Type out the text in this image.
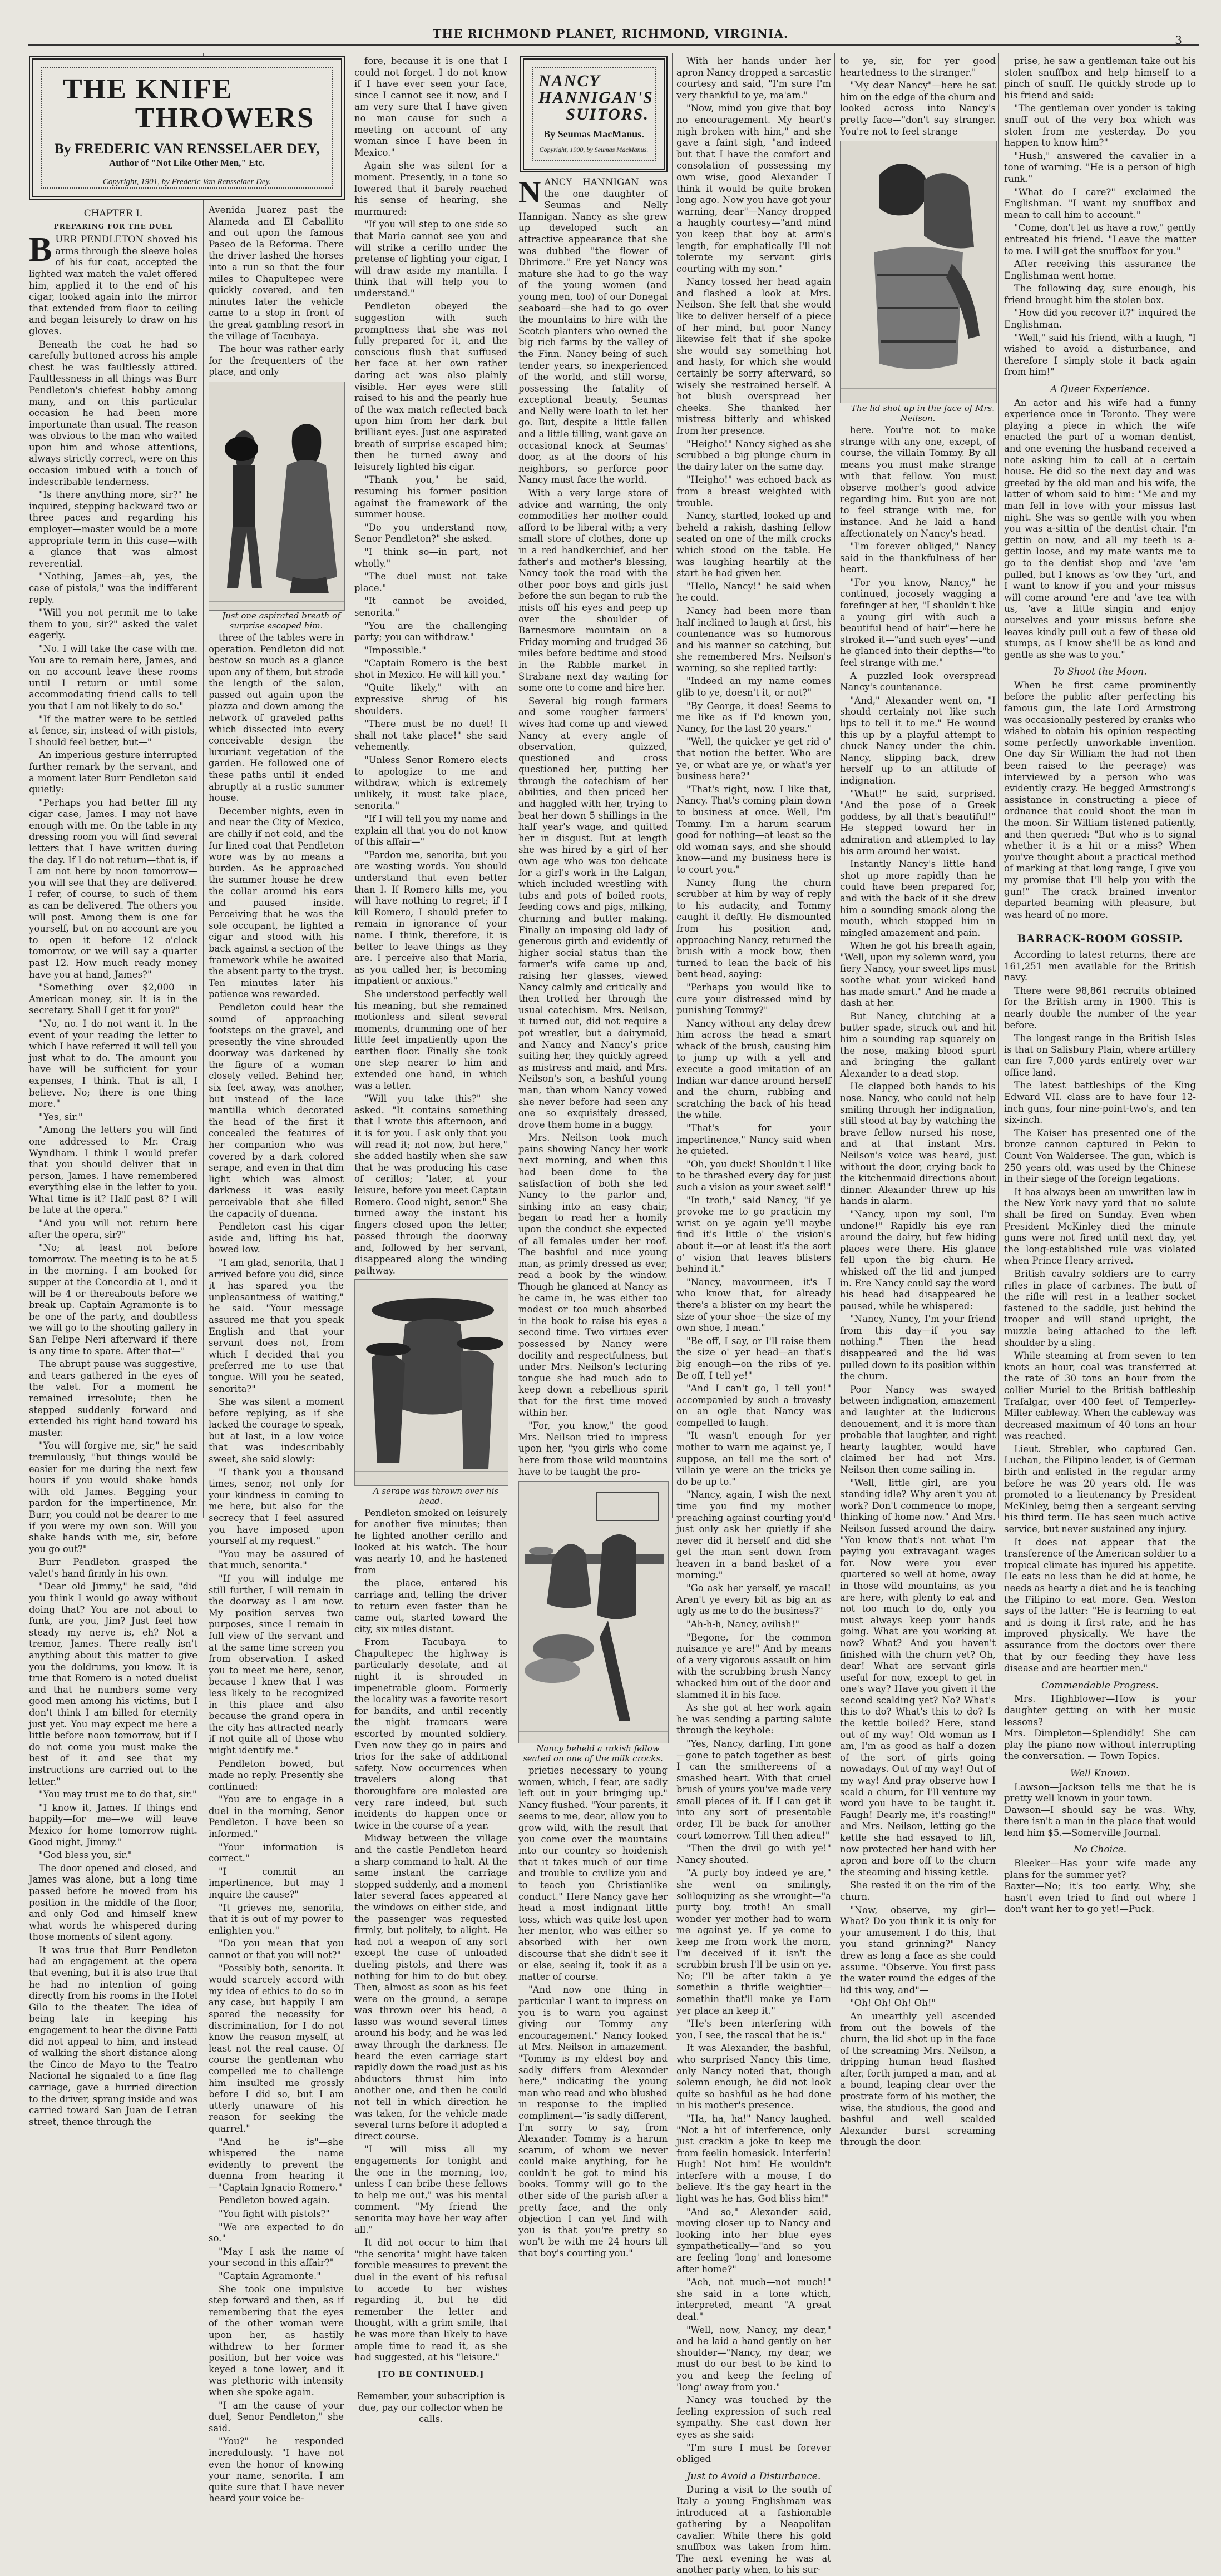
THE RICHMOND PLANET, RICHMOND, VIRGINIA.	3
THE KNIFE
THROWERS
By FREDERIC VAN RENSSELAER DEY,
Author of "Not Like Other Men," Etc.
Copyright, 1901, by Frederic Van Rensselaer Dey.
CHAPTER I.
PREPARING FOR THE DUEL
B URR PENDLETON shoved his arms through the sleeve holes of his fur coat, accepted the lighted wax match the valet offered him, applied it to the end of his cigar, looked again into the mirror that extended from floor to ceiling and began leisurely to draw on his gloves.

Beneath the coat he had so carefully buttoned across his ample chest he was faultlessly attired. Faultlessness in all things was Burr Pendleton's chiefest hobby among many, and on this particular occasion he had been more importunate than usual. The reason was obvious to the man who waited upon him and whose attentions, always strictly correct, were on this occasion imbued with a touch of indescribable tenderness.

"Is there anything more, sir?" he inquired, stepping backward two or three paces and regarding his employer—master would be a more appropriate term in this case—with a glance that was almost reverential.

"Nothing, James—ah, yes, the case of pistols," was the indifferent reply.

"Will you not permit me to take them to you, sir?" asked the valet eagerly.

"No. I will take the case with me. You are to remain here, James, and on no account leave these rooms until I return or until some accommodating friend calls to tell you that I am not likely to do so."

"If the matter were to be settled at fence, sir, instead of with pistols, I should feel better, but—"

An imperious gesture interrupted further remark by the servant, and a moment later Burr Pendleton said quietly:

"Perhaps you had better fill my cigar case, James. I may not have enough with me. On the table in my dressing room you will find several letters that I have written during the day. If I do not return—that is, if I am not here by noon tomorrow—you will see that they are delivered. I refer, of course, to such of them as can be delivered. The others you will post. Among them is one for yourself, but on no account are you to open it before 12 o'clock tomorrow, or we will say a quarter past 12. How much ready money have you at hand, James?"

"Something over $2,000 in American money, sir. It is in the secretary. Shall I get it for you?"

"No, no. I do not want it. In the event of your reading the letter to which I have referred it will tell you just what to do. The amount you have will be sufficient for your expenses, I think. That is all, I believe. No; there is one thing more."

"Yes, sir."

"Among the letters you will find one addressed to Mr. Craig Wyndham. I think I would prefer that you should deliver that in person, James. I have remembered everything else in the letter to you. What time is it? Half past 8? I will be late at the opera."

"And you will not return here after the opera, sir?"

"No; at least not before tomorrow. The meeting is to be at 5 in the morning. I am booked for supper at the Concordia at 1, and it will be 4 or thereabouts before we break up. Captain Agramonte is to be one of the party, and doubtless we will go to the shooting gallery in San Felipe Neri afterward if there is any time to spare. After that—"

The abrupt pause was suggestive, and tears gathered in the eyes of the valet. For a moment he remained irresolute; then he stepped suddenly forward and extended his right hand toward his master.

"You will forgive me, sir," he said tremulously, "but things would be easier for me during the next few hours if you would shake hands with old James. Begging your pardon for the impertinence, Mr. Burr, you could not be dearer to me if you were my own son. Will you shake hands with me, sir, before you go out?"

Burr Pendleton grasped the valet's hand firmly in his own.

"Dear old Jimmy," he said, "did you think I would go away without doing that? You are not about to funk, are you, Jim? Just feel how steady my nerve is, eh? Not a tremor, James. There really isn't anything about this matter to give you the doldrums, you know. It is true that Romero is a noted duelist and that he numbers some very good men among his victims, but I don't think I am billed for eternity just yet. You may expect me here a little before noon tomorrow, but if I do not come you must make the best of it and see that my instructions are carried out to the letter."

"You may trust me to do that, sir."

"I know it, James. If things end happily—for me—we will leave Mexico for home tomorrow night. Good night, Jimmy."

"God bless you, sir."

The door opened and closed, and James was alone, but a long time passed before he moved from his position in the middle of the floor, and only God and himself knew what words he whispered during those moments of silent agony.

It was true that Burr Pendleton had an engagement at the opera that evening, but it is also true that he had no intention of going directly from his rooms in the Hotel Gilo to the theater. The idea of being late in keeping his engagement to hear the divine Patti did not appeal to him, and instead of walking the short distance along the Cinco de Mayo to the Teatro Nacional he signaled to a fine flag carriage, gave a hurried direction to the driver, sprang inside and was carried toward San Juan de Letran street, thence through the

Avenida Juarez past the Alameda and El Caballito and out upon the famous Paseo de la Reforma. There the driver lashed the horses into a run so that the four miles to Chapultepec were quickly covered, and ten minutes later the vehicle came to a stop in front of the great gambling resort in the village of Tacubaya.

The hour was rather early for the frequenters of the place, and only

Just one aspirated breath of surprise escaped him.

three of the tables were in operation. Pendleton did not bestow so much as a glance upon any of them, but strode the length of the salon, passed out again upon the piazza and down among the network of graveled paths which dissected into every conceivable design the luxuriant vegetation of the garden. He followed one of these paths until it ended abruptly at a rustic summer house.

December nights, even in and near the City of Mexico, are chilly if not cold, and the fur lined coat that Pendleton wore was by no means a burden. As he approached the summer house he drew the collar around his ears and paused inside. Perceiving that he was the sole occupant, he lighted a cigar and stood with his back against a section of the framework while he awaited the absent party to the tryst. Ten minutes later his patience was rewarded.

Pendleton could hear the sound of approaching footsteps on the gravel, and presently the vine shrouded doorway was darkened by the figure of a woman closely veiled. Behind her, six feet away, was another, but instead of the lace mantilla which decorated the head of the first it concealed the features of her companion who was covered by a dark colored serape, and even in that dim light which was almost darkness it was easily perceivable that she filled the capacity of duenna.

Pendleton cast his cigar aside and, lifting his hat, bowed low.

"I am glad, senorita, that I arrived before you did, since it has spared you the unpleasantness of waiting," he said. "Your message assured me that you speak English and that your servant does not, from which I decided that you preferred me to use that tongue. Will you be seated, senorita?"

She was silent a moment before replying, as if she lacked the courage to speak, but at last, in a low voice that was indescribably sweet, she said slowly:

"I thank you a thousand times, senor, not only for your kindness in coming to me here, but also for the secrecy that I feel assured you have imposed upon yourself at my request."

"You may be assured of that much, senorita."

"If you will indulge me still further, I will remain in the doorway as I am now. My position serves two purposes, since I remain in full view of the servant and at the same time screen you from observation. I asked you to meet me here, senor, because I knew that I was less likely to be recognized in this place and also because the grand opera in the city has attracted nearly if not quite all of those who might identify me."

Pendleton bowed, but made no reply. Presently she continued:

"You are to engage in a duel in the morning, Senor Pendleton. I have been so informed."

"Your information is correct."

"I commit an impertinence, but may I inquire the cause?"

"It grieves me, senorita, that it is out of my power to enlighten you."

"Do you mean that you cannot or that you will not?"

"Possibly both, senorita. It would scarcely accord with my idea of ethics to do so in any case, but happily I am spared the necessity for discrimination, for I do not know the reason myself, at least not the real cause. Of course the gentleman who compelled me to challenge him insulted me grossly before I did so, but I am utterly unaware of his reason for seeking the quarrel."

"And he is"—she whispered the name evidently to prevent the duenna from hearing it—"Captain Ignacio Romero."

Pendleton bowed again.

"You fight with pistols?"

"We are expected to do so."

"May I ask the name of your second in this affair?"

"Captain Agramonte."

She took one impulsive step forward and then, as if remembering that the eyes of the other woman were upon her, as hastily withdrew to her former position, but her voice was keyed a tone lower, and it was plethoric with intensity when she spoke again.

"I am the cause of your duel, Senor Pendleton," she said.

"You?" he responded incredulously. "I have not even the honor of knowing your name, senorita. I am quite sure that I have never heard your voice be-

fore, because it is one that I could not forget. I do not know if I have ever seen your face, since I cannot see it now, and I am very sure that I have given no man cause for such a meeting on account of any woman since I have been in Mexico."

Again she was silent for a moment. Presently, in a tone so lowered that it barely reached his sense of hearing, she murmured:

"If you will step to one side so that Maria cannot see you and will strike a cerillo under the pretense of lighting your cigar, I will draw aside my mantilla. I think that will help you to understand."

Pendleton obeyed the suggestion with such promptness that she was not fully prepared for it, and the conscious flush that suffused her face at her own rather daring act was also plainly visible. Her eyes were still raised to his and the pearly hue of the wax match reflected back upon him from her dark but brilliant eyes. Just one aspirated breath of surprise escaped him; then he turned away and leisurely lighted his cigar.

"Thank you," he said, resuming his former position against the framework of the summer house.

"Do you understand now, Senor Pendleton?" she asked.

"I think so—in part, not wholly."

"The duel must not take place."

"It cannot be avoided, senorita."

"You are the challenging party; you can withdraw."

"Impossible."

"Captain Romero is the best shot in Mexico. He will kill you."

"Quite likely," with an expressive shrug of his shoulders.

"There must be no duel! It shall not take place!" she said vehemently.

"Unless Senor Romero elects to apologize to me and withdraw, which is extremely unlikely, it must take place, senorita."

"If I will tell you my name and explain all that you do not know of this affair—"

"Pardon me, senorita, but you are wasting words. You should understand that even better than I. If Romero kills me, you will have nothing to regret; if I kill Romero, I should prefer to remain in ignorance of your name. I think, therefore, it is better to leave things as they are. I perceive also that Maria, as you called her, is becoming impatient or anxious."

She understood perfectly well his meaning, but she remained motionless and silent several moments, drumming one of her little feet impatiently upon the earthen floor. Finally she took one step nearer to him and extended one hand, in which was a letter.

"Will you take this?" she asked. "It contains something that I wrote this afternoon, and it is for you. I ask only that you will read it; not now, but here," she added hastily when she saw that he was producing his case of cerillos; "later, at your leisure, before you meet Captain Romero. Good night, senor." She turned away the instant his fingers closed upon the letter, passed through the doorway and, followed by her servant, disappeared along the winding pathway.

A serape was thrown over his head.

Pendleton smoked on leisurely for another five minutes; then he lighted another cerillo and looked at his watch. The hour was nearly 10, and he hastened from

the place, entered his carriage and, telling the driver to return even faster than he came out, started toward the city, six miles distant.

From Tacubaya to Chapultepec the highway is particularly desolate, and at night it is shrouded in impenetrable gloom. Formerly the locality was a favorite resort for bandits, and until recently the night tramcars were escorted by mounted soldiery. Even now they go in pairs and trios for the sake of additional safety. Now occurrences when travelers along that thoroughfare are molested are very rare indeed, but such incidents do happen once or twice in the course of a year.

Midway between the village and the castle Pendleton heard a sharp command to halt. At the same instant the carriage stopped suddenly, and a moment later several faces appeared at the windows on either side, and the passenger was requested firmly, but politely, to alight. He had not a weapon of any sort except the case of unloaded dueling pistols, and there was nothing for him to do but obey. Then, almost as soon as his feet were on the ground, a serape was thrown over his head, a lasso was wound several times around his body, and he was led away through the darkness. He heard the even carriage start rapidly down the road just as his abductors thrust him into another one, and then he could not tell in which direction he was taken, for the vehicle made several turns before it adopted a direct course.

"I will miss all my engagements for tonight and the one in the morning, too, unless I can bribe these fellows to help me out," was his mental comment. "My friend the senorita may have her way after all."

It did not occur to him that "the senorita" might have taken forcible measures to prevent the duel in the event of his refusal to accede to her wishes regarding it, but he did remember the letter and thought, with a grim smile, that he was more than likely to have ample time to read it, as she had suggested, at his "leisure."

[TO BE CONTINUED.]

Remember, your subscription is due, pay our collector when he calls.

NANCY
HANNIGAN'S
SUITORS.
By Seumas MacManus.
Copyright, 1900, by Seumas MacManus.
N ANCY HANNIGAN was the one daughter of Seumas and Nelly Hannigan. Nancy as she grew up developed such an attractive appearance that she was dubbed "the flower of Dhrimore." Ere yet Nancy was mature she had to go the way of the young women (and young men, too) of our Donegal seaboard—she had to go over the mountains to hire with the Scotch planters who owned the big rich farms by the valley of the Finn. Nancy being of such tender years, so inexperienced of the world, and still worse, possessing the fatality of exceptional beauty, Seumas and Nelly were loath to let her go. But, despite a little fallen and a little tilling, want gave an occasional knock at Seumas' door, as at the doors of his neighbors, so perforce poor Nancy must face the world.

With a very large store of advice and warning, the only commodities her mother could afford to be liberal with; a very small store of clothes, done up in a red handkerchief, and her father's and mother's blessing, Nancy took the road with the other poor boys and girls just before the sun began to rub the mists off his eyes and peep up over the shoulder of Barnesmore mountain on a Friday morning and trudged 36 miles before bedtime and stood in the Rabble market in Strabane next day waiting for some one to come and hire her.

Several big rough farmers and some rougher farmers' wives had come up and viewed Nancy at every angle of observation, quizzed, questioned and cross questioned her, putting her through the catechism of her abilities, and then priced her and haggled with her, trying to beat her down 5 shillings in the half year's wage, and quitted her in disgust. But at length she was hired by a girl of her own age who was too delicate for a girl's work in the Lalgan, which included wrestling with tubs and pots of boiled roots, feeding cows and pigs, milking, churning and butter making. Finally an imposing old lady of generous girth and evidently of higher social status than the farmer's wife came up and, raising her glasses, viewed Nancy calmly and critically and then trotted her through the usual catechism. Mrs. Neilson, it turned out, did not require a pot wrestler, but a dairymaid, and Nancy and Nancy's price suiting her, they quickly agreed as mistress and maid, and Mrs. Neilson's son, a bashful young man, than whom Nancy vowed she never before had seen any one so exquisitely dressed, drove them home in a buggy.

Mrs. Neilson took much pains showing Nancy her work next morning, and when this had been done to the satisfaction of both she led Nancy to the parlor and, sinking into an easy chair, began to read her a homily upon the conduct she expected of all females under her roof. The bashful and nice young man, as primly dressed as ever, read a book by the window. Though he glanced at Nancy as he came in, he was either too modest or too much absorbed in the book to raise his eyes a second time. Two virtues ever possessed by Nancy were docility and respectfulness, but under Mrs. Neilson's lecturing tongue she had much ado to keep down a rebellious spirit that for the first time moved within her.

"For, you know," the good Mrs. Neilson tried to impress upon her, "you girls who come here from those wild mountains have to be taught the pro-

Nancy beheld a rakish fellow seated on one of the milk crocks.

prieties necessary to young women, which, I fear, are sadly left out in your bringing up." Nancy flushed. "Your parents, it seems to me, dear, allow you to grow wild, with the result that you come over the mountains into our country so hoidenish that it takes much of our time and trouble to civilize you and to teach you Christianlike conduct." Here Nancy gave her head a most indignant little toss, which was quite lost upon her mentor, who was either so absorbed with her own discourse that she didn't see it or else, seeing it, took it as a matter of course.

"And now one thing in particular I want to impress on you is to warn you against giving our Tommy any encouragement." Nancy looked at Mrs. Neilson in amazement. "Tommy is my eldest boy and sadly differs from Alexander here," indicating the young man who read and who blushed in response to the implied compliment—"is sadly different, I'm sorry to say, from Alexander. Tommy is a harum scarum, of whom we never could make anything, for he couldn't be got to mind his books. Tommy will go to the other side of the parish after a pretty face, and the only objection I can yet find with you is that you're pretty so won't be with me 24 hours till that boy's courting you."

With her hands under her apron Nancy dropped a sarcastic courtesy and said, "I'm sure I'm very thankful to ye, ma'am."

"Now, mind you give that boy no encouragement. My heart's nigh broken with him," and she gave a faint sigh, "and indeed but that I have the comfort and consolation of possessing my own wise, good Alexander I think it would be quite broken long ago. Now you have got your warning, dear"—Nancy dropped a haughty courtesy—"and mind you keep that boy at arm's length, for emphatically I'll not tolerate my servant girls courting with my son."

Nancy tossed her head again and flashed a look at Mrs. Neilson. She felt that she would like to deliver herself of a piece of her mind, but poor Nancy likewise felt that if she spoke she would say something hot and hasty, for which she would certainly be sorry afterward, so wisely she restrained herself. A hot blush overspread her cheeks. She thanked her mistress bitterly and whisked from her presence.

"Heigho!" Nancy sighed as she scrubbed a big plunge churn in the dairy later on the same day.

"Heigho!" was echoed back as from a breast weighted with trouble.

Nancy, startled, looked up and beheld a rakish, dashing fellow seated on one of the milk crocks which stood on the table. He was laughing heartily at the start he had given her.

"Hello, Nancy!" he said when he could.

Nancy had been more than half inclined to laugh at first, his countenance was so humorous and his manner so catching, but she remembered Mrs. Neilson's warning, so she replied tartly:

"Indeed an my name comes glib to ye, doesn't it, or not?"

"By George, it does! Seems to me like as if I'd known you, Nancy, for the last 20 years."

"Well, the quicker ye get rid o' that notion the better. Who are ye, or what are ye, or what's yer business here?"

"That's right, now. I like that, Nancy. That's coming plain down to business at once. Well, I'm Tommy. I'm a harum scarum good for nothing—at least so the old woman says, and she should know—and my business here is to court you."

Nancy flung the churn scrubber at him by way of reply to his audacity, and Tommy caught it deftly. He dismounted from his position and, approaching Nancy, returned the brush with a mock bow, then turned to lean the back of his bent head, saying:

"Perhaps you would like to cure your distressed mind by punishing Tommy?"

Nancy without any delay drew him across the head a smart whack of the brush, causing him to jump up with a yell and execute a good imitation of an Indian war dance around herself and the churn, rubbing and scratching the back of his head the while.

"That's for your impertinence," Nancy said when he quieted.

"Oh, you duck! Shouldn't I like to be thrashed every day for just such a vision as your sweet self!"

"In troth," said Nancy, "if ye provoke me to go practicin my wrist on ye again ye'll maybe find it's little o' the vision's about it—or at least it's the sort o' vision that leaves blisters behind it."

"Nancy, mavourneen, it's I who know that, for already there's a blister on my heart the size of your shoe—the size of my own shoe, I mean."

"Be off, I say, or I'll raise them the size o' yer head—an that's big enough—on the ribs of ye. Be off, I tell ye!"

"And I can't go, I tell you!" accompanied by such a travesty on an ogle that Nancy was compelled to laugh.

"It wasn't enough for yer mother to warn me against ye, I suppose, an tell me the sort o' villain ye were an the tricks ye do be up to."

"Nancy, again, I wish the next time you find my mother preaching against courting you'd just only ask her quietly if she never did it herself and did she get the man sent down from heaven in a band basket of a morning."

"Go ask her yerself, ye rascal! Aren't ye every bit as big an as ugly as me to do the business?"

"Ah-h-h, Nancy, avilish!"

"Begone, for the common nuisance ye are!" And by means of a very vigorous assault on him with the scrubbing brush Nancy whacked him out of the door and slammed it in his face.

As she got at her work again he was sending a parting salute through the keyhole:

"Yes, Nancy, darling, I'm gone—gone to patch together as best I can the smithereens of a smashed heart. With that cruel brush of yours you've made very small pieces of it. If I can get it into any sort of presentable order, I'll be back for another court tomorrow. Till then adieu!"

"Then the divil go with ye!" Nancy shouted.

"A purty boy indeed ye are," she went on smilingly, soliloquizing as she wrought—"a purty boy, troth! An small wonder yer mother had to warn me against ye. If ye come to keep me from work the morn, I'm deceived if it isn't the scrubbin brush I'll be usin on ye. No; I'll be after takin a ye somethin a thrifle weightier—somethin that'll make ye I'arn yer place an keep it."

"He's been interfering with you, I see, the rascal that he is."

It was Alexander, the bashful, who surprised Nancy this time, only Nancy noted that, though solemn enough, he did not look quite so bashful as he had done in his mother's presence.

"Ha, ha, ha!" Nancy laughed. "Not a bit of interference, only just crackin a joke to keep me from feelin homesick. Interferin! Hugh! Not him! He wouldn't interfere with a mouse, I do believe. It's the gay heart in the light was he has, God bliss him!"

"And so," Alexander said, moving closer up to Nancy and looking into her blue eyes sympathetically—"and so you are feeling 'long' and lonesome after home?"

"Ach, not much—not much!" she said in a tone which, interpreted, meant "A great deal."

"Well, now, Nancy, my dear," and he laid a hand gently on her shoulder—"Nancy, my dear, we must do our best to be kind to you and keep the feeling of 'long' away from you."

Nancy was touched by the feeling expression of such real sympathy. She cast down her eyes as she said:

"I'm sure I must be forever obliged

Just to Avoid a Disturbance.

During a visit to the south of Italy a young Englishman was introduced at a fashionable gathering by a Neapolitan cavalier. While there his gold snuffbox was taken from him. The next evening he was at another party when, to his sur-

to ye, sir, for yer good heartedness to the stranger."

"My dear Nancy"—here he sat him on the edge of the churn and looked across into Nancy's pretty face—"don't say stranger. You're not to feel strange

The lid shot up in the face of Mrs. Neilson.

here. You're not to make strange with any one, except, of course, the villain Tommy. By all means you must make strange with that fellow. You must observe mother's good advice regarding him. But you are not to feel strange with me, for instance. And he laid a hand affectionately on Nancy's head.

"I'm forever obliged," Nancy said in the thankfulness of her heart.

"For you know, Nancy," he continued, jocosely wagging a forefinger at her, "I shouldn't like a young girl with such a beautiful head of hair"—here he stroked it—"and such eyes"—and he glanced into their depths—"to feel strange with me."

A puzzled look overspread Nancy's countenance.

"And," Alexander went on, "I should certainly not like such lips to tell it to me." He wound this up by a playful attempt to chuck Nancy under the chin. Nancy, slipping back, drew herself up to an attitude of indignation.

"What!" he said, surprised. "And the pose of a Greek goddess, by all that's beautiful!" He stepped toward her in admiration and attempted to lay his arm around her waist.

Instantly Nancy's little hand shot up more rapidly than he could have been prepared for, and with the back of it she drew him a sounding smack along the mouth, which stopped him in mingled amazement and pain.

When he got his breath again, "Well, upon my solemn word, you fiery Nancy, your sweet lips must soothe what your wicked hand has made smart." And he made a dash at her.

But Nancy, clutching at a butter spade, struck out and hit him a sounding rap squarely on the nose, making blood spurt and bringing the gallant Alexander to a dead stop.

He clapped both hands to his nose. Nancy, who could not help smiling through her indignation, still stood at bay by watching the brave fellow nursed his nose, and at that instant Mrs. Neilson's voice was heard, just without the door, crying back to the kitchenmaid directions about dinner. Alexander threw up his hands in alarm.

"Nancy, upon my soul, I'm undone!" Rapidly his eye ran around the dairy, but few hiding places were there. His glance fell upon the big churn. He whisked off the lid and jumped in. Ere Nancy could say the word his head had disappeared he paused, while he whispered:

"Nancy, Nancy, I'm your friend from this day—if you say nothing." Then the head disappeared and the lid was pulled down to its position within the churn.

Poor Nancy was swayed between indignation, amazement and laughter at the ludicrous denouement, and it is more than probable that laughter, and right hearty laughter, would have claimed her had not Mrs. Neilson then come sailing in.

"Well, little girl, are you standing idle? Why aren't you at work? Don't commence to mope, thinking of home now." And Mrs. Neilson fussed around the dairy. "You know that's not what I'm paying you extravagant wages for. Now were you ever quartered so well at home, away in those wild mountains, as you are here, with plenty to eat and not too much to do, only you must always keep your hands going. What are you working at now? What? And you haven't finished with the churn yet? Oh, dear! What are servant girls useful for now, except to get in one's way? Have you given it the second scalding yet? No? What's this to do? What's this to do? Is the kettle boiled? Here, stand out of my way! Old woman as I am, I'm as good as half a dozen of the sort of girls going nowadays. Out of my way! Out of my way! And pray observe how I scald a churn, for I'll venture my word you have to be taught it. Faugh! Dearly me, it's roasting!" and Mrs. Neilson, letting go the kettle she had essayed to lift, now protected her hand with her apron and bore off to the churn the steaming and hissing kettle.

She rested it on the rim of the churn.

"Now, observe, my girl— What? Do you think it is only for your amusement I do this, that you stand grinning?" Nancy drew as long a face as she could assume. "Observe. You first pass the water round the edges of the lid this way, and"—

"Oh! Oh! Oh! Oh!"

An unearthly yell ascended from out the bowels of the churn, the lid shot up in the face of the screaming Mrs. Neilson, a dripping human head flashed after, forth jumped a man, and at a bound, leaping clear over the prostrate form of his mother, the wise, the studious, the good and bashful and well scalded Alexander burst screaming through the door.

prise, he saw a gentleman take out his stolen snuffbox and help himself to a pinch of snuff. He quickly strode up to his friend and said:

"The gentleman over yonder is taking snuff out of the very box which was stolen from me yesterday. Do you happen to know him?"

"Hush," answered the cavalier in a tone of warning. "He is a person of high rank."

"What do I care?" exclaimed the Englishman. "I want my snuffbox and mean to call him to account."

"Come, don't let us have a row," gently entreated his friend. "Leave the matter to me. I will get the snuffbox for you."

After receiving this assurance the Englishman went home.

The following day, sure enough, his friend brought him the stolen box.

"How did you recover it?" inquired the Englishman.

"Well," said his friend, with a laugh, "I wished to avoid a disturbance, and therefore I simply stole it back again from him!"

A Queer Experience.

An actor and his wife had a funny experience once in Toronto. They were playing a piece in which the wife enacted the part of a woman dentist, and one evening the husband received a note asking him to call at a certain house. He did so the next day and was greeted by the old man and his wife, the latter of whom said to him: "Me and my man fell in love with your missus last night. She was so gentle with you when you was a-sittin of the dentist chair. I'm gettin on now, and all my teeth is a-gettin loose, and my mate wants me to go to the dentist shop and 'ave 'em pulled, but I knows as 'ow they 'urt, and I want to know if you and your missus will come around 'ere and 'ave tea with us, 'ave a little singin and enjoy ourselves and your missus before she leaves kindly pull out a few of these old stumps, as I know she'll be as kind and gentle as she was to you."

To Shoot the Moon.

When he first came prominently before the public after perfecting his famous gun, the late Lord Armstrong was occasionally pestered by cranks who wished to obtain his opinion respecting some perfectly unworkable invention. One day Sir William the had not then been raised to the peerage) was interviewed by a person who was evidently crazy. He begged Armstrong's assistance in constructing a piece of ordnance that could shoot the man in the moon. Sir William listened patiently, and then queried: "But who is to signal whether it is a hit or a miss? When you've thought about a practical method of marking at that long range, I give you my promise that I'll help you with the gun!" The crack brained inventor departed beaming with pleasure, but was heard of no more.

BARRACK-ROOM GOSSIP.

According to latest returns, there are 161,251 men available for the British navy.

There were 98,861 recruits obtained for the British army in 1900. This is nearly double the number of the year before.

The longest range in the British Isles is that on Salisbury Plain, where artillery can fire 7,000 yards entirely over war office land.

The latest battleships of the King Edward VII. class are to have four 12-inch guns, four nine-point-two's, and ten six-inch.

The Kaiser has presented one of the bronze cannon captured in Pekin to Count Von Waldersee. The gun, which is 250 years old, was used by the Chinese in their siege of the foreign legations.

It has always been an unwritten law in the New York navy yard that no salute shall be fired on Sunday. Even when President McKinley died the minute guns were not fired until next day, yet the long-established rule was violated when Prince Henry arrived.

British cavalry soldiers are to carry rifles in place of carbines. The butt of the rifle will rest in a leather socket fastened to the saddle, just behind the trooper and will stand upright, the muzzle being attached to the left shoulder by a sling.

While steaming at from seven to ten knots an hour, coal was transferred at the rate of 30 tons an hour from the collier Muriel to the British battleship Trafalgar, over 400 feet of Temperley-Miller cableway. When the cableway was decreased maximum of 40 tons an hour was reached.

Lieut. Strebler, who captured Gen. Luchan, the Filipino leader, is of German birth and enlisted in the regular army before he was 20 years old. He was promoted to a lieutenancy by President McKinley, being then a sergeant serving his third term. He has seen much active service, but never sustained any injury.

It does not appear that the transference of the American soldier to a tropical climate has injured his appetite. He eats no less than he did at home, he needs as hearty a diet and he is teaching the Filipino to eat more. Gen. Weston says of the latter: "He is learning to eat and is doing it first rate, and he has improved physically. We have the assurance from the doctors over there that by our feeding they have less disease and are heartier men."

Commendable Progress.

Mrs. Highblower—How is your daughter getting on with her music lessons?
Mrs. Dimpleton—Splendidly! She can play the piano now without interrupting the conversation. — Town Topics.

Well Known.

Lawson—Jackson tells me that he is pretty well known in your town.
Dawson—I should say he was. Why, there isn't a man in the place that would lend him $5.—Somerville Journal.

No Choice.

Bleeker—Has your wife made any plans for the summer yet?
Baxter—No; it's too early. Why, she hasn't even tried to find out where I don't want her to go yet!—Puck.
